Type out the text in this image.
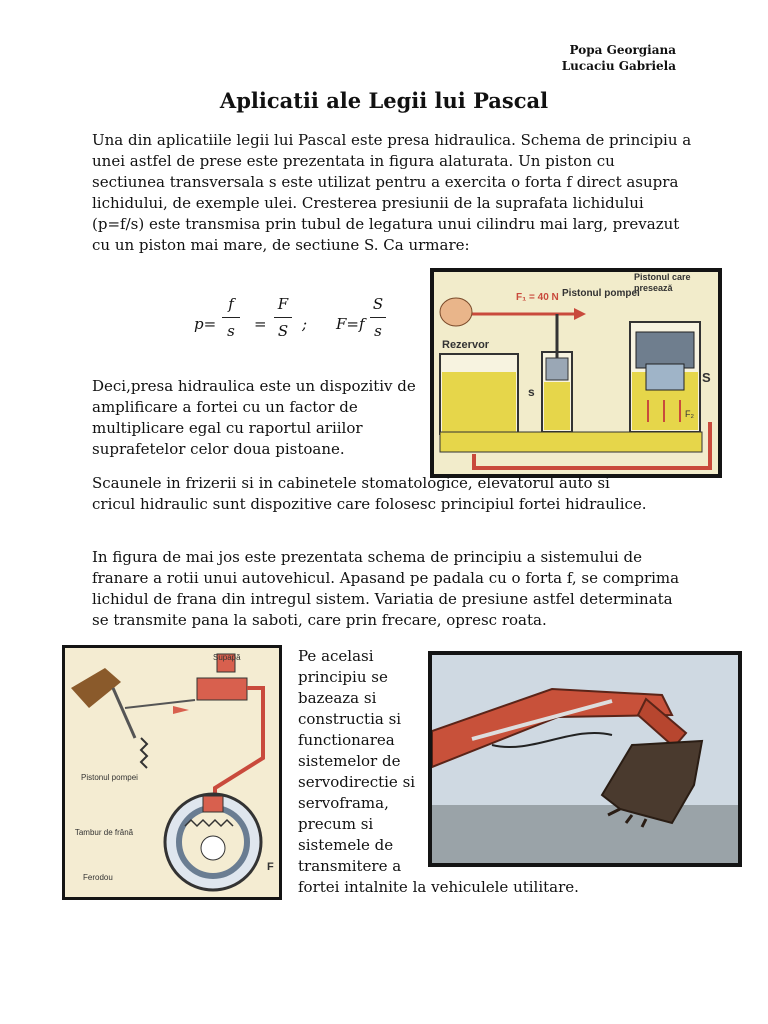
Popa Georgiana
Lucaciu Gabriela
Aplicatii ale Legii lui Pascal

Una din aplicatiile legii lui Pascal este presa hidraulica. Schema de principiu a unei astfel de prese este prezentata in figura alaturata. Un piston cu sectiunea transversala s este utilizat pentru a exercita o forta f direct asupra lichidului, de exemple ulei. Cresterea presiunii de la suprafata lichidului (p=f/s) este transmisa prin tubul de legatura unui cilindru mai larg, prevazut cu un piston mai mare, de sectiune S. Ca urmare:

p=
f
s	=
F
S ; F=f
S
s
F₁ = 40 N Pistonul pompei
Rezervor
s
S
F₂
Pistonul care presează

Deci,presa hidraulica este un dispozitiv de amplificare a fortei cu un factor de multiplicare egal cu raportul ariilor suprafetelor celor doua pistoane.

Scaunele in frizerii si in cabinetele stomatologice, elevatorul auto si cricul hidraulic sunt dispozitive care folosesc principiul fortei hidraulice.

In figura de mai jos este prezentata schema de principiu a sistemului de franare a rotii unui autovehicul. Apasand pe padala cu o forta f, se comprima lichidul de frana din intregul sistem. Variatia de presiune astfel determinata se transmite pana la saboti, care prin frecare, opresc roata.

Supapă
Pistonul pompei
Ferodou
F
Tambur de frână

Pe acelasi principiu se bazeaza si constructia si functionarea sistemelor de servodirectie si servoframa, precum si sistemele de transmitere a

fortei intalnite la vehiculele utilitare.
